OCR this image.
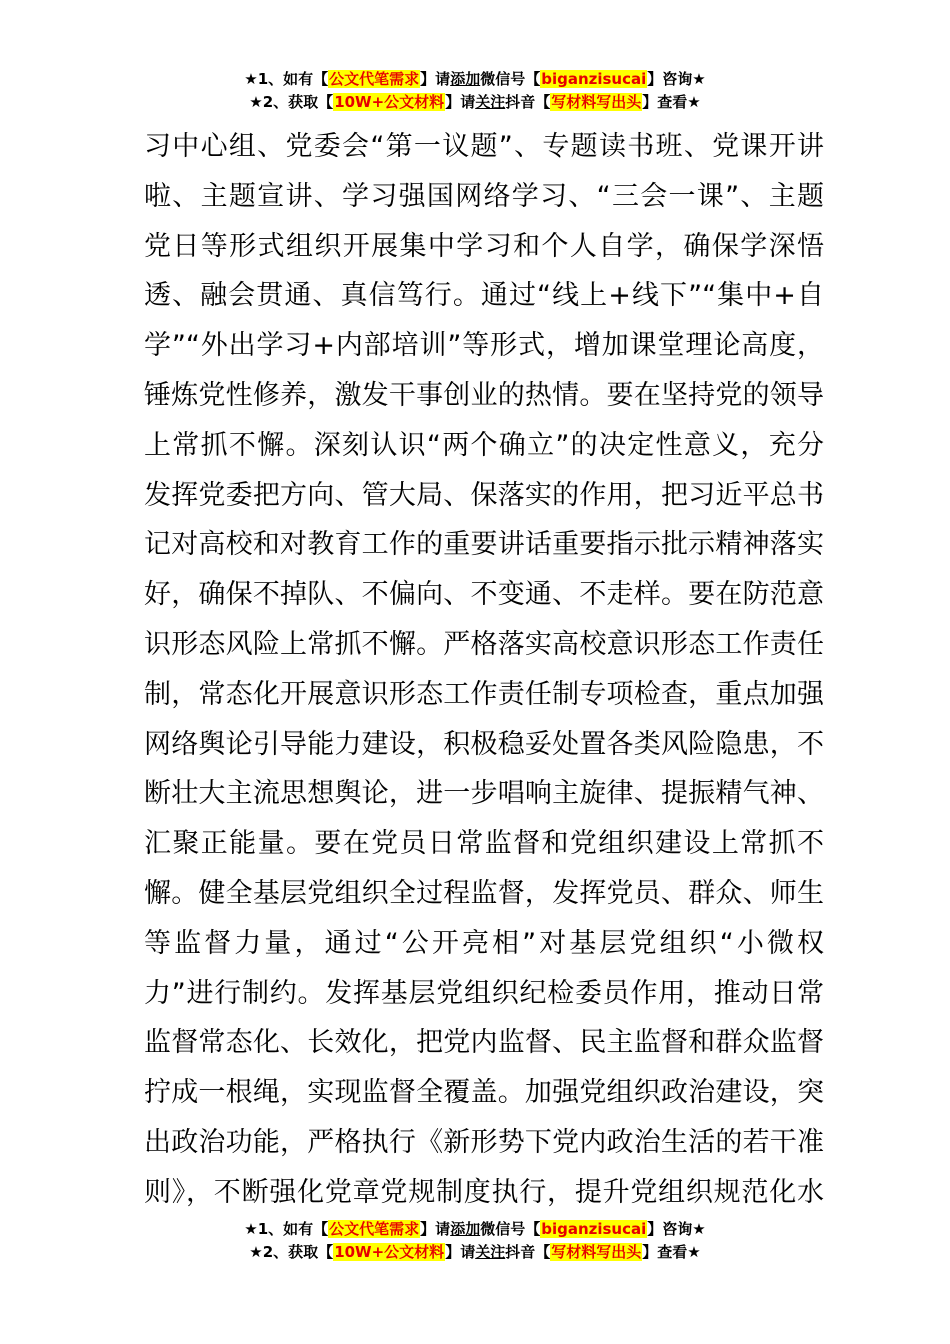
★1、如有【公文代笔需求】请添加微信号【biganzisucai】咨询★
★2、获取【10W+公文材料】请关注抖音【写材料写出头】查看★
习中心组、党委会“第一议题”、专题读书班、党课开讲
啦、主题宣讲、学习强国网络学习、“三会一课”、主题
党日等形式组织开展集中学习和个人自学，确保学深悟
透、融会贯通、真信笃行。通过“线上+线下”“集中+自
学”“外出学习+内部培训”等形式，增加课堂理论高度，
锤炼党性修养，激发干事创业的热情。要在坚持党的领导
上常抓不懈。深刻认识“两个确立”的决定性意义，充分
发挥党委把方向、管大局、保落实的作用，把习近平总书
记对高校和对教育工作的重要讲话重要指示批示精神落实
好，确保不掉队、不偏向、不变通、不走样。要在防范意
识形态风险上常抓不懈。严格落实高校意识形态工作责任
制，常态化开展意识形态工作责任制专项检查，重点加强
网络舆论引导能力建设，积极稳妥处置各类风险隐患，不
断壮大主流思想舆论，进一步唱响主旋律、提振精气神、
汇聚正能量。要在党员日常监督和党组织建设上常抓不
懈。健全基层党组织全过程监督，发挥党员、群众、师生
等监督力量，通过“公开亮相”对基层党组织“小微权
力”进行制约。发挥基层党组织纪检委员作用，推动日常
监督常态化、长效化，把党内监督、民主监督和群众监督
拧成一根绳，实现监督全覆盖。加强党组织政治建设，突
出政治功能，严格执行《新形势下党内政治生活的若干准
则》，不断强化党章党规制度执行，提升党组织规范化水
★1、如有【公文代笔需求】请添加微信号【biganzisucai】咨询★
★2、获取【10W+公文材料】请关注抖音【写材料写出头】查看★
